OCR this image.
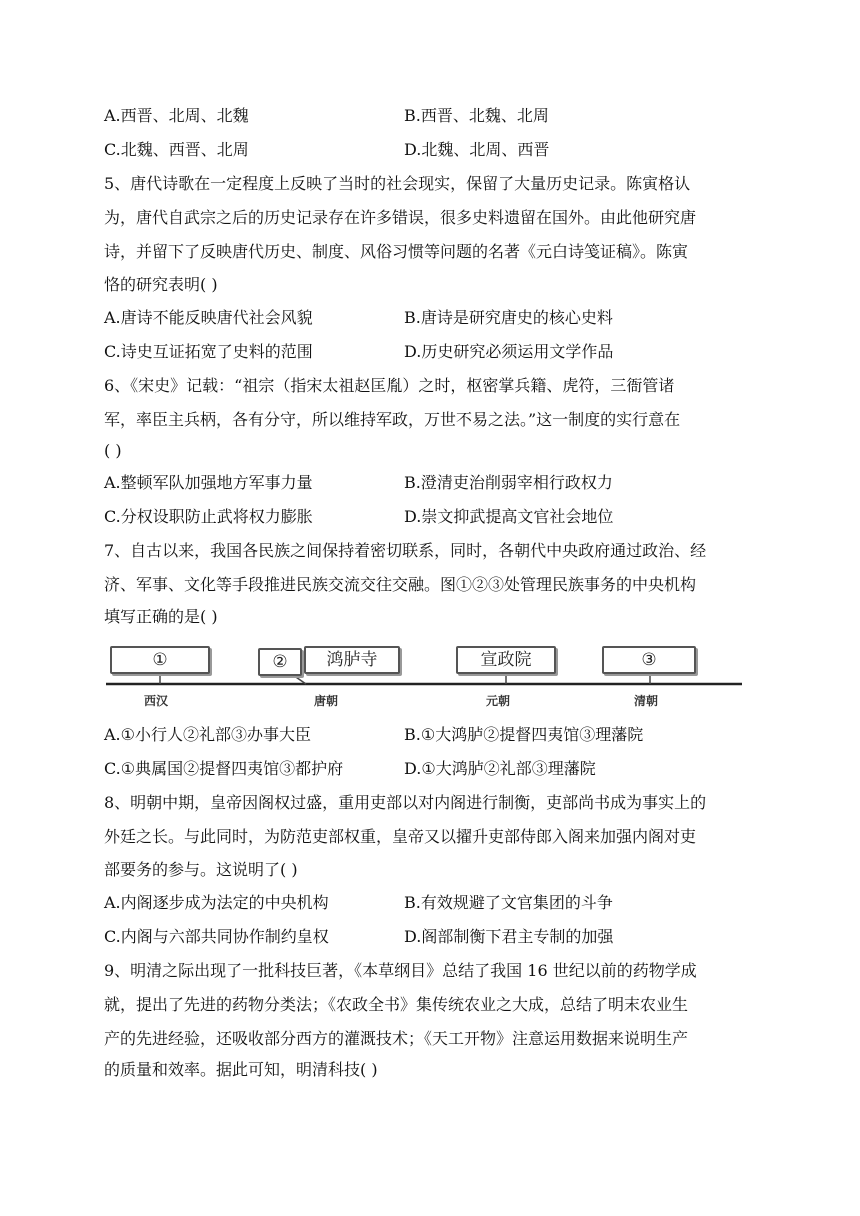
A.西晋、北周、北魏	B.西晋、北魏、北周
C.北魏、西晋、北周	D.北魏、北周、西晋
5、唐代诗歌在一定程度上反映了当时的社会现实，保留了大量历史记录。陈寅格认
为，唐代自武宗之后的历史记录存在许多错误，很多史料遗留在国外。由此他研究唐
诗，并留下了反映唐代历史、制度、风俗习惯等问题的名著《元白诗笺证稿》。陈寅
恪的研究表明( )
A.唐诗不能反映唐代社会风貌	B.唐诗是研究唐史的核心史料
C.诗史互证拓宽了史料的范围	D.历史研究必须运用文学作品
6、《宋史》记载：“祖宗（指宋太祖赵匡胤）之时，枢密掌兵籍、虎符，三衙管诸
军，率臣主兵柄，各有分守，所以维持军政，万世不易之法。”这一制度的实行意在
( )
A.整顿军队加强地方军事力量	B.澄清吏治削弱宰相行政权力
C.分权设职防止武将权力膨胀	D.崇文抑武提高文官社会地位
7、自古以来，我国各民族之间保持着密切联系，同时，各朝代中央政府通过政治、经
济、军事、文化等手段推进民族交流交往交融。图①②③处管理民族事务的中央机构
填写正确的是( )
①	②	鸿胪寺	宣政院	③
西汉	唐朝	元朝	清朝
A.①小行人②礼部③办事大臣	B.①大鸿胪②提督四夷馆③理藩院
C.①典属国②提督四夷馆③都护府	D.①大鸿胪②礼部③理藩院
8、明朝中期，皇帝因阁权过盛，重用吏部以对内阁进行制衡，吏部尚书成为事实上的
外廷之长。与此同时，为防范吏部权重，皇帝又以擢升吏部侍郎入阁来加强内阁对吏
部要务的参与。这说明了( )
A.内阁逐步成为法定的中央机构	B.有效规避了文官集团的斗争
C.内阁与六部共同协作制约皇权	D.阁部制衡下君主专制的加强
9、明清之际出现了一批科技巨著，《本草纲目》总结了我国 16 世纪以前的药物学成
就，提出了先进的药物分类法；《农政全书》集传统农业之大成，总结了明末农业生
产的先进经验，还吸收部分西方的灌溉技术；《天工开物》注意运用数据来说明生产
的质量和效率。据此可知，明清科技( )
